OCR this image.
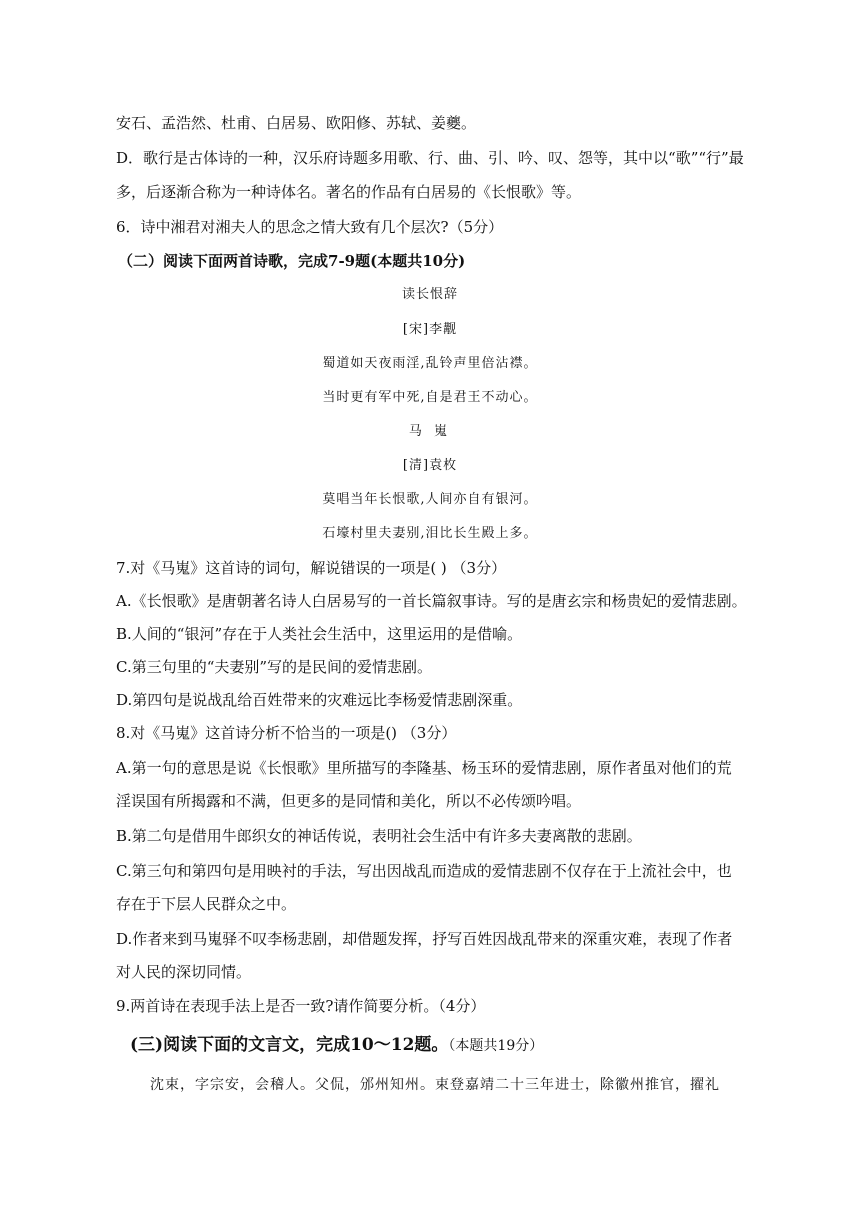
安石、孟浩然、杜甫、白居易、欧阳修、苏轼、姜夔。
D．歌行是古体诗的一种，汉乐府诗题多用歌、行、曲、引、吟、叹、怨等，其中以“歌”“行”最
多，后逐渐合称为一种诗体名。著名的作品有白居易的《长恨歌》等。
6．诗中湘君对湘夫人的思念之情大致有几个层次?（5分）
（二）阅读下面两首诗歌，完成7-9题(本题共10分)
读长恨辞
[宋]李觏
蜀道如天夜雨淫,乱铃声里倍沾襟。
当时更有军中死,自是君王不动心。
马 嵬
[清]袁枚
莫唱当年长恨歌,人间亦自有银河。
石壕村里夫妻别,泪比长生殿上多。
7.对《马嵬》这首诗的词句，解说错误的一项是( ) （3分）
A.《长恨歌》是唐朝著名诗人白居易写的一首长篇叙事诗。写的是唐玄宗和杨贵妃的爱情悲剧。
B.人间的“银河”存在于人类社会生活中，这里运用的是借喻。
C.第三句里的“夫妻别”写的是民间的爱情悲剧。
D.第四句是说战乱给百姓带来的灾难远比李杨爱情悲剧深重。
8.对《马嵬》这首诗分析不恰当的一项是() （3分）
A.第一句的意思是说《长恨歌》里所描写的李隆基、杨玉环的爱情悲剧，原作者虽对他们的荒
淫误国有所揭露和不满，但更多的是同情和美化，所以不必传颂吟唱。
B.第二句是借用牛郎织女的神话传说，表明社会生活中有许多夫妻离散的悲剧。
C.第三句和第四句是用映衬的手法，写出因战乱而造成的爱情悲剧不仅存在于上流社会中，也
存在于下层人民群众之中。
D.作者来到马嵬驿不叹李杨悲剧，却借题发挥，抒写百姓因战乱带来的深重灾难，表现了作者
对人民的深切同情。
9.两首诗在表现手法上是否一致?请作简要分析。（4分）
(三)阅读下面的文言文，完成10～12题。（本题共19分）
沈束，字宗安，会稽人。父侃，邠州知州。束登嘉靖二十三年进士，除徽州推官，擢礼
